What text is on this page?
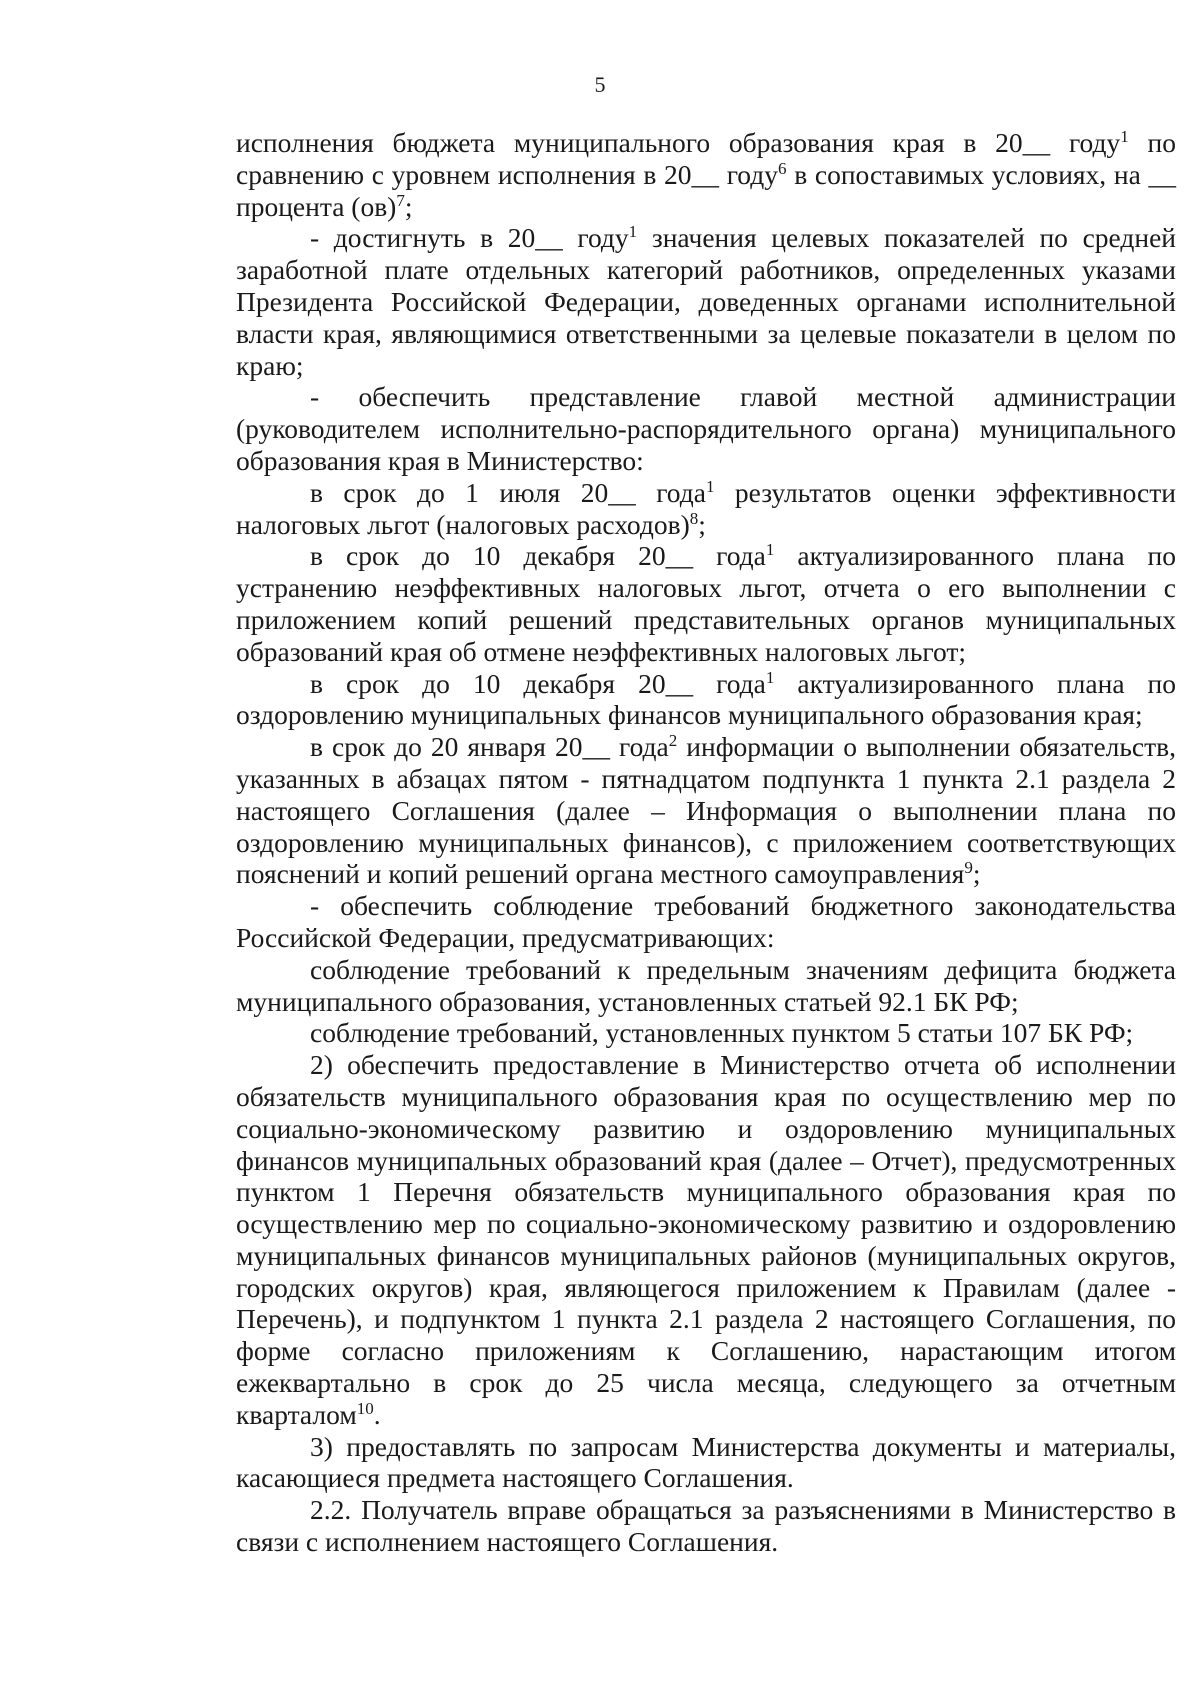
5

исполнения бюджета муниципального образования края в 20__ году$^1$ по сравнению с уровнем исполнения в 20__ году$^6$ в сопоставимых условиях, на __ процента (ов)$^7$;

- достигнуть в 20__ году$^1$ значения целевых показателей по средней заработной плате отдельных категорий работников, определенных указами Президента Российской Федерации, доведенных органами исполнительной власти края, являющимися ответственными за целевые показатели в целом по краю;

- обеспечить представление главой местной администрации (руководителем исполнительно-распорядительного органа) муниципального образования края в Министерство:

в срок до 1 июля 20__ года$^1$ результатов оценки эффективности налоговых льгот (налоговых расходов)$^8$;

в срок до 10 декабря 20__ года$^1$ актуализированного плана по устранению неэффективных налоговых льгот, отчета о его выполнении с приложением копий решений представительных органов муниципальных образований края об отмене неэффективных налоговых льгот;

в срок до 10 декабря 20__ года$^1$ актуализированного плана по оздоровлению муниципальных финансов муниципального образования края;

в срок до 20 января 20__ года$^2$ информации о выполнении обязательств, указанных в абзацах пятом - пятнадцатом подпункта 1 пункта 2.1 раздела 2 настоящего Соглашения (далее – Информация о выполнении плана по оздоровлению муниципальных финансов), с приложением соответствующих пояснений и копий решений органа местного самоуправления$^9$;

- обеспечить соблюдение требований бюджетного законодательства Российской Федерации, предусматривающих:

соблюдение требований к предельным значениям дефицита бюджета муниципального образования, установленных статьей 92.1 БК РФ;

соблюдение требований, установленных пунктом 5 статьи 107 БК РФ;

2) обеспечить предоставление в Министерство отчета об исполнении обязательств муниципального образования края по осуществлению мер по социально-экономическому развитию и оздоровлению муниципальных финансов муниципальных образований края (далее – Отчет), предусмотренных пунктом 1 Перечня обязательств муниципального образования края по осуществлению мер по социально-экономическому развитию и оздоровлению муниципальных финансов муниципальных районов (муниципальных округов, городских округов) края, являющегося приложением к Правилам (далее - Перечень), и подпунктом 1 пункта 2.1 раздела 2 настоящего Соглашения, по форме согласно приложениям к Соглашению, нарастающим итогом ежеквартально в срок до 25 числа месяца, следующего за отчетным кварталом$^{10}$.

3) предоставлять по запросам Министерства документы и материалы, касающиеся предмета настоящего Соглашения.

2.2. Получатель вправе обращаться за разъяснениями в Министерство в связи с исполнением настоящего Соглашения.
